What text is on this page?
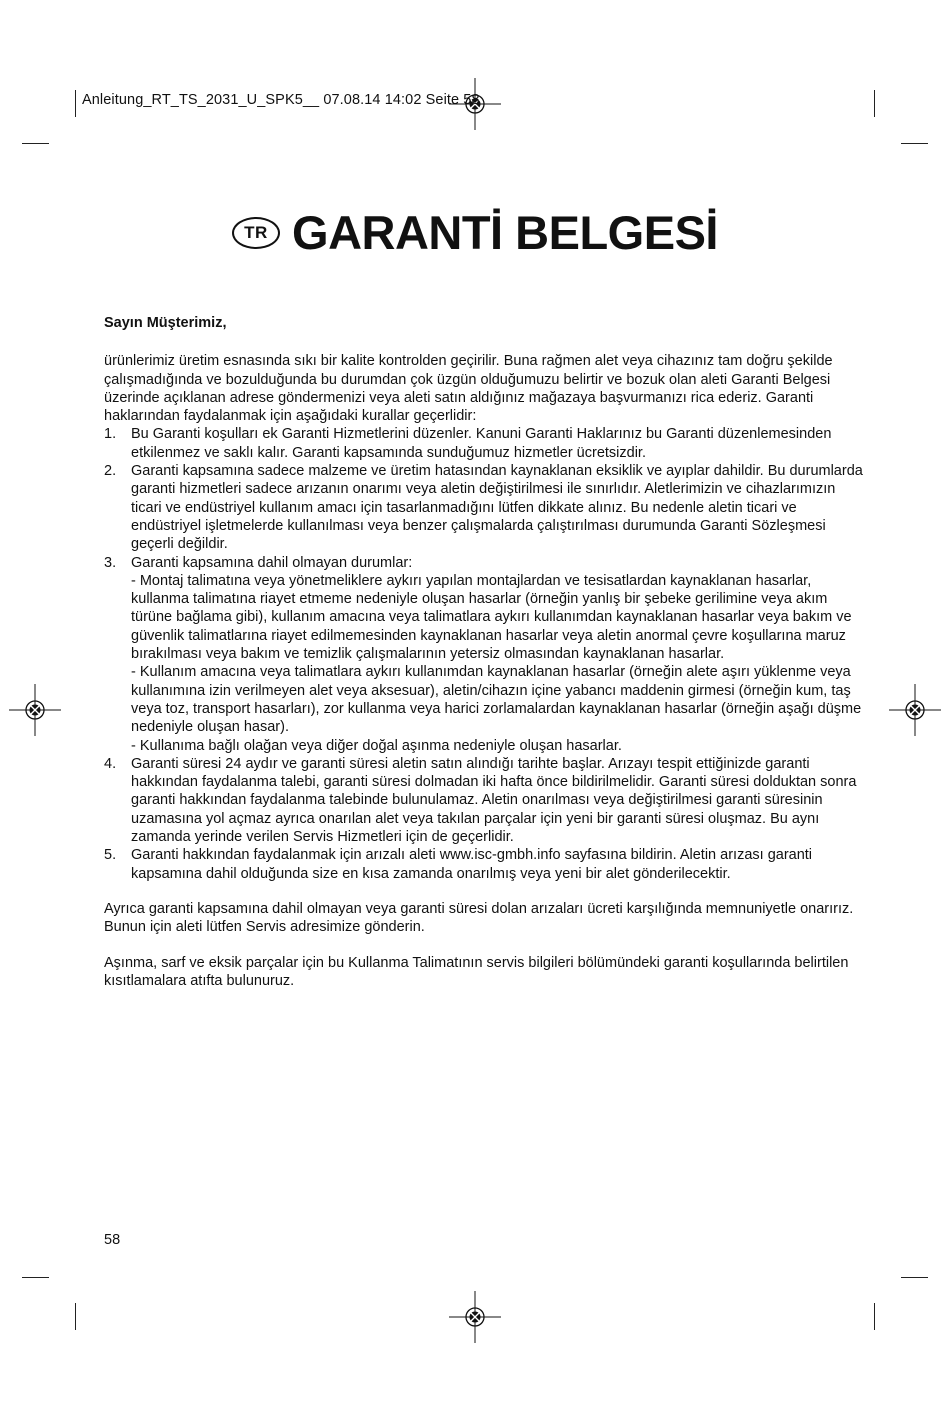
Anleitung_RT_TS_2031_U_SPK5__ 07.08.14 14:02 Seite 58
TR GARANTİ BELGESİ

Sayın Müşterimiz,

ürünlerimiz üretim esnasında sıkı bir kalite kontrolden geçirilir. Buna rağmen alet veya cihazınız tam doğru şekilde çalışmadığında ve bozulduğunda bu durumdan çok üzgün olduğumuzu belirtir ve bozuk olan aleti Garanti Belgesi üzerinde açıklanan adrese göndermenizi veya aleti satın aldığınız mağazaya başvurmanızı rica ederiz. Garanti haklarından faydalanmak için aşağıdaki kurallar geçerlidir:

1. Bu Garanti koşulları ek Garanti Hizmetlerini düzenler. Kanuni Garanti Haklarınız bu Garanti düzenlemesinden etkilenmez ve saklı kalır. Garanti kapsamında sunduğumuz hizmetler ücretsizdir.
2. Garanti kapsamına sadece malzeme ve üretim hatasından kaynaklanan eksiklik ve ayıplar dahildir. Bu durumlarda garanti hizmetleri sadece arızanın onarımı veya aletin değiştirilmesi ile sınırlıdır. Aletlerimizin ve cihazlarımızın ticari ve endüstriyel kullanım amacı için tasarlanmadığını lütfen dikkate alınız. Bu nedenle aletin ticari ve endüstriyel işletmelerde kullanılması veya benzer çalışmalarda çalıştırılması durumunda Garanti Sözleşmesi geçerli değildir.
3. Garanti kapsamına dahil olmayan durumlar:
- Montaj talimatına veya yönetmeliklere aykırı yapılan montajlardan ve tesisatlardan kaynaklanan hasarlar, kullanma talimatına riayet etmeme nedeniyle oluşan hasarlar (örneğin yanlış bir şebeke gerilimine veya akım türüne bağlama gibi), kullanım amacına veya talimatlara aykırı kullanımdan kaynaklanan hasarlar veya bakım ve güvenlik talimatlarına riayet edilmemesinden kaynaklanan hasarlar veya aletin anormal çevre koşullarına maruz bırakılması veya bakım ve temizlik çalışmalarının yetersiz olmasından kaynaklanan hasarlar.
- Kullanım amacına veya talimatlara aykırı kullanımdan kaynaklanan hasarlar (örneğin alete aşırı yüklenme veya kullanımına izin verilmeyen alet veya aksesuar), aletin/cihazın içine yabancı maddenin girmesi (örneğin kum, taş veya toz, transport hasarları), zor kullanma veya harici zorlamalardan kaynaklanan hasarlar (örneğin aşağı düşme nedeniyle oluşan hasar).
- Kullanıma bağlı olağan veya diğer doğal aşınma nedeniyle oluşan hasarlar.
4. Garanti süresi 24 aydır ve garanti süresi aletin satın alındığı tarihte başlar. Arızayı tespit ettiğinizde garanti hakkından faydalanma talebi, garanti süresi dolmadan iki hafta önce bildirilmelidir. Garanti süresi dolduktan sonra garanti hakkından faydalanma talebinde bulunulamaz. Aletin onarılması veya değiştirilmesi garanti süresinin uzamasına yol açmaz ayrıca onarılan alet veya takılan parçalar için yeni bir garanti süresi oluşmaz. Bu aynı zamanda yerinde verilen Servis Hizmetleri için de geçerlidir.
5. Garanti hakkından faydalanmak için arızalı aleti www.isc-gmbh.info sayfasına bildirin. Aletin arızası garanti kapsamına dahil olduğunda size en kısa zamanda onarılmış veya yeni bir alet gönderilecektir.

Ayrıca garanti kapsamına dahil olmayan veya garanti süresi dolan arızaları ücreti karşılığında memnuniyetle onarırız. Bunun için aleti lütfen Servis adresimize gönderin.

Aşınma, sarf ve eksik parçalar için bu Kullanma Talimatının servis bilgileri bölümündeki garanti koşullarında belirtilen kısıtlamalara atıfta bulunuruz.

58
